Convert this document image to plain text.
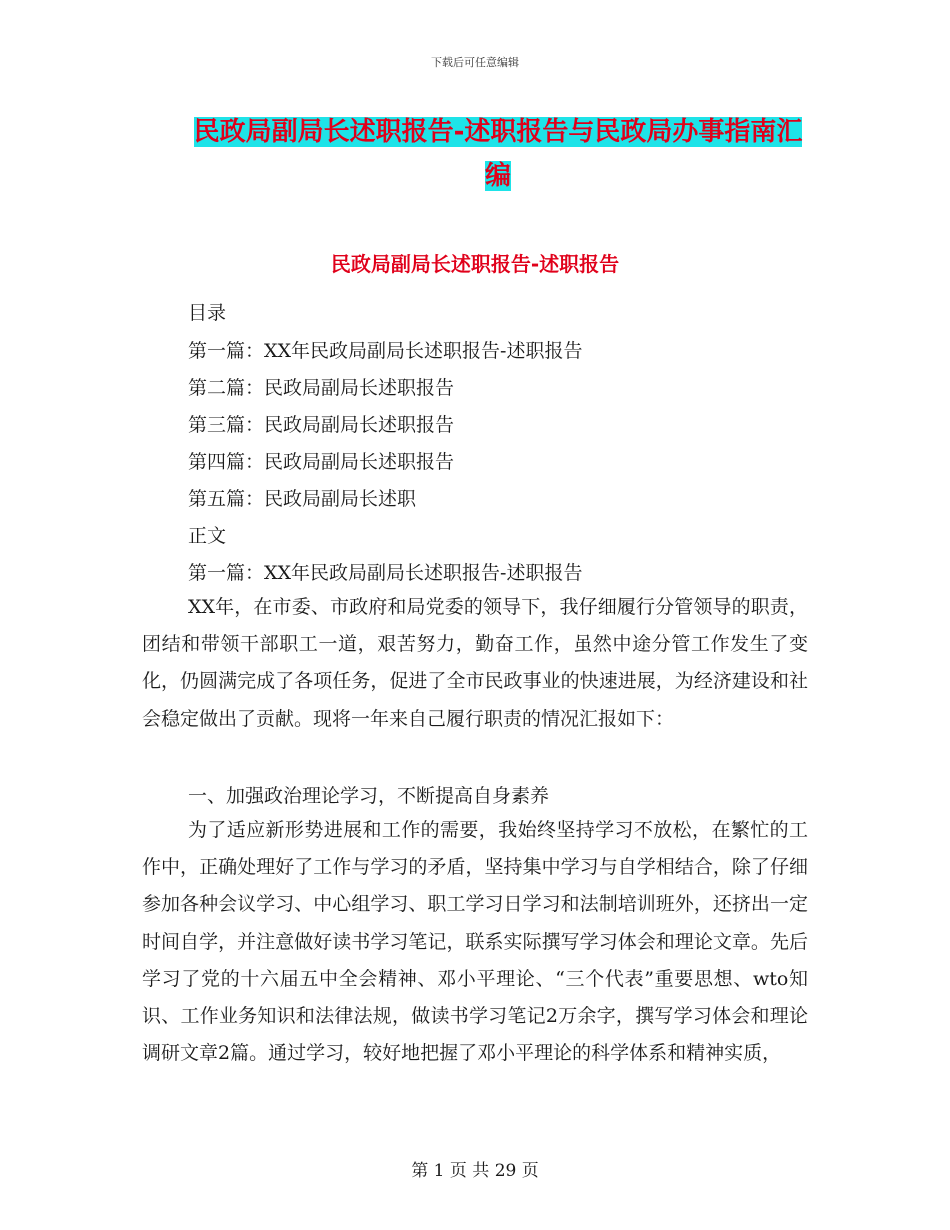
下载后可任意编辑
民政局副局长述职报告-述职报告与民政局办事指南汇
编
民政局副局长述职报告-述职报告
目录
第一篇：XX年民政局副局长述职报告-述职报告
第二篇：民政局副局长述职报告
第三篇：民政局副局长述职报告
第四篇：民政局副局长述职报告
第五篇：民政局副局长述职
正文
第一篇：XX年民政局副局长述职报告-述职报告
XX年，在市委、市政府和局党委的领导下，我仔细履行分管领导的职责，团结和带领干部职工一道，艰苦努力，勤奋工作，虽然中途分管工作发生了变化，仍圆满完成了各项任务，促进了全市民政事业的快速进展，为经济建设和社会稳定做出了贡献。现将一年来自己履行职责的情况汇报如下：
一、加强政治理论学习，不断提高自身素养
为了适应新形势进展和工作的需要，我始终坚持学习不放松，在繁忙的工作中，正确处理好了工作与学习的矛盾，坚持集中学习与自学相结合，除了仔细参加各种会议学习、中心组学习、职工学习日学习和法制培训班外，还挤出一定时间自学，并注意做好读书学习笔记，联系实际撰写学习体会和理论文章。先后学习了党的十六届五中全会精神、邓小平理论、“三个代表”重要思想、wto知识、工作业务知识和法律法规，做读书学习笔记2万余字，撰写学习体会和理论调研文章2篇。通过学习，较好地把握了邓小平理论的科学体系和精神实质，
第 1 页 共 29 页
